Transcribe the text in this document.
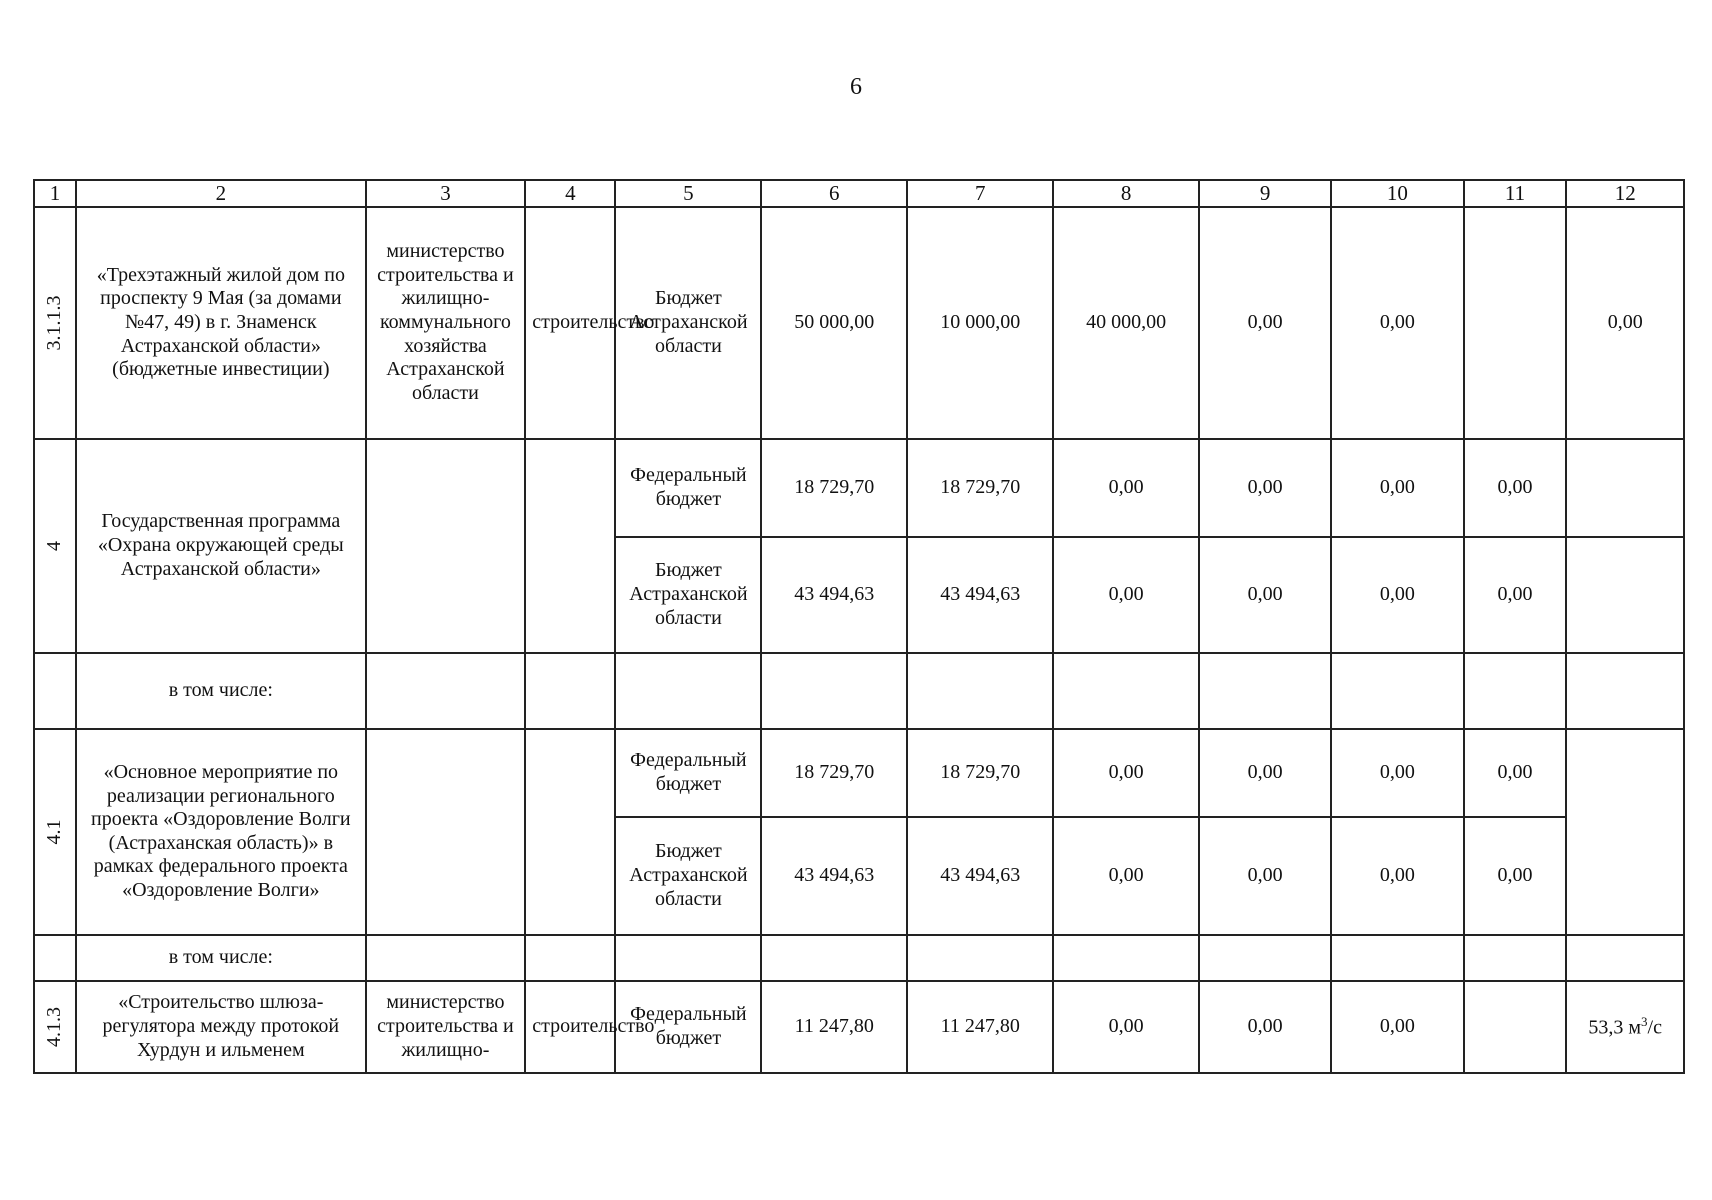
6
1	2	3	4	5	6	7	8	9	10	11	12

3.1.1.3	«Трехэтажный жилой дом по проспекту 9 Мая (за домами №47, 49) в г. Знаменск Астраханской области» (бюджетные инвестиции)	министерство строительства и жилищно-коммунального хозяйства Астраханской области	строительство	Бюджет Астраханской области	50 000,00	10 000,00	40 000,00	0,00	0,00		0,00

4	Государственная программа «Охрана окружающей среды Астраханской области»			Федеральный бюджет	18 729,70	18 729,70	0,00	0,00	0,00	0,00	
				Бюджет Астраханской области	43 494,63	43 494,63	0,00	0,00	0,00	0,00	
	в том числе:										

4.1	«Основное мероприятие по реализации регионального проекта «Оздоровление Волги (Астраханская область)» в рамках федерального проекта «Оздоровление Волги»			Федеральный бюджет	18 729,70	18 729,70	0,00	0,00	0,00	0,00	
				Бюджет Астраханской области	43 494,63	43 494,63	0,00	0,00	0,00	0,00	
	в том числе:										

4.1.3	«Строительство шлюза-регулятора между протокой Хурдун и ильменем	министерство строительства и жилищно-	строительство	Федеральный бюджет	11 247,80	11 247,80	0,00	0,00	0,00		53,3 $м^3/с$
